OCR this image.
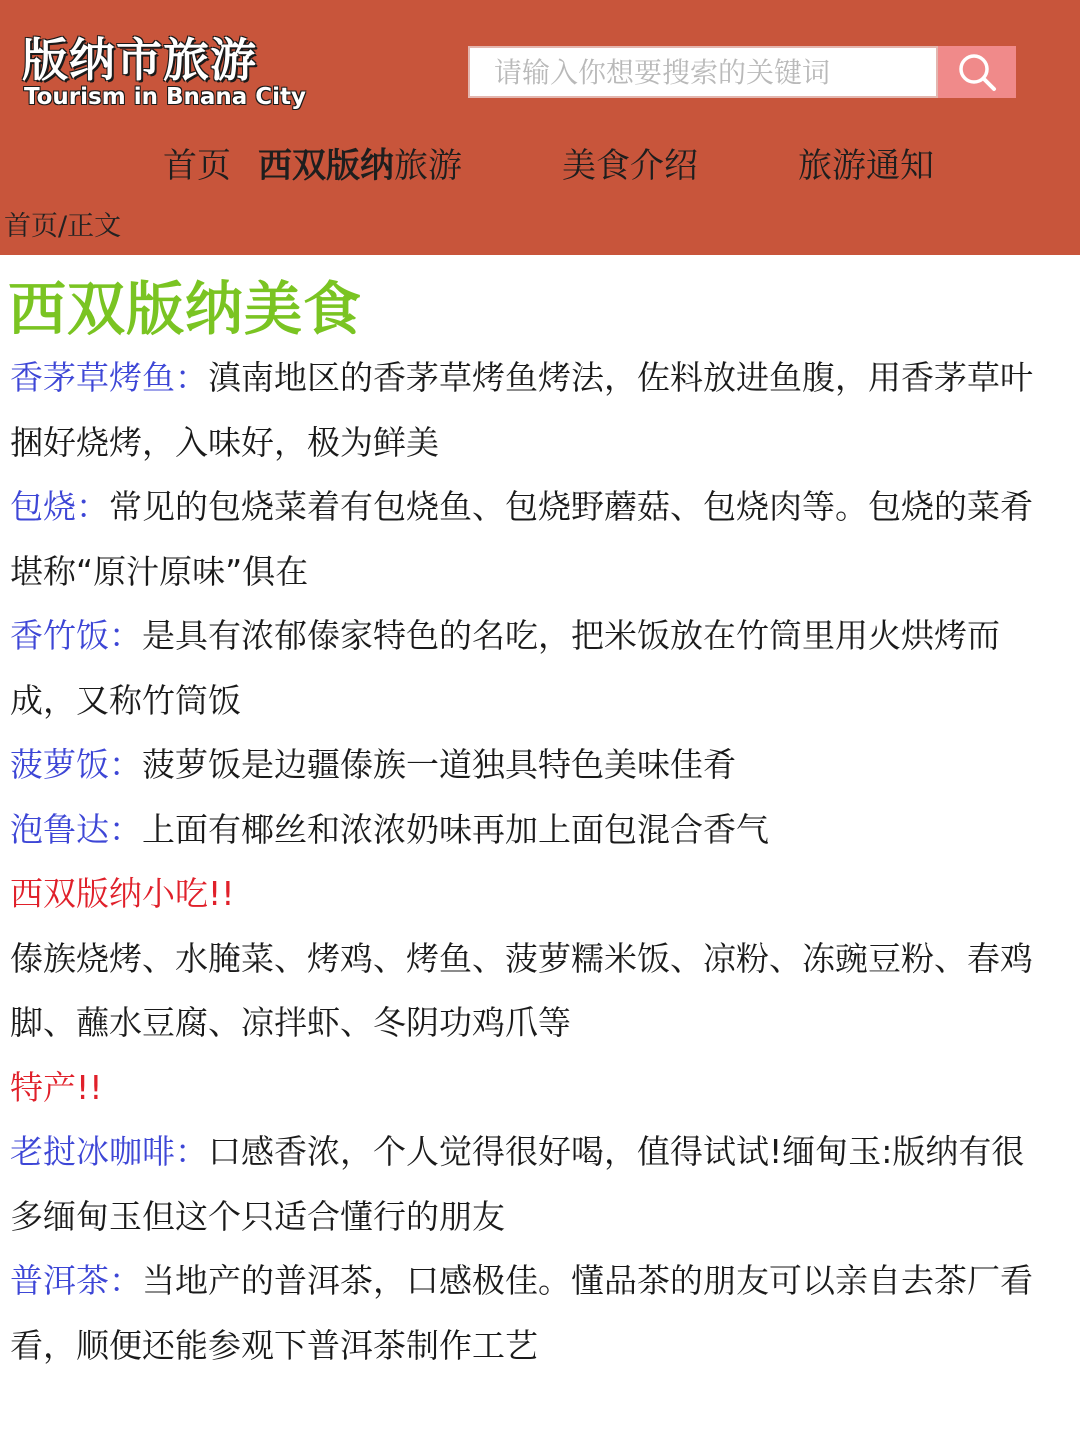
版纳市旅游
Tourism in Bnana City
请输入你想要搜索的关键词
首页 西双版纳旅游	美食介绍	旅游通知
首页/正文
西双版纳美食

香茅草烤鱼：滇南地区的香茅草烤鱼烤法，佐料放进鱼腹，用香茅草叶捆好烧烤，入味好，极为鲜美

包烧：常见的包烧菜着有包烧鱼、包烧野蘑菇、包烧肉等。包烧的菜肴堪称“原汁原味”俱在

香竹饭：是具有浓郁傣家特色的名吃，把米饭放在竹筒里用火烘烤而成，又称竹筒饭

菠萝饭：菠萝饭是边疆傣族一道独具特色美味佳肴

泡鲁达：上面有椰丝和浓浓奶味再加上面包混合香气

西双版纳小吃!!

傣族烧烤、水腌菜、烤鸡、烤鱼、菠萝糯米饭、凉粉、冻豌豆粉、春鸡脚、蘸水豆腐、凉拌虾、冬阴功鸡爪等

特产!!

老挝冰咖啡：口感香浓，个人觉得很好喝，值得试试!缅甸玉:版纳有很多缅甸玉但这个只适合懂行的朋友

普洱茶：当地产的普洱茶，口感极佳。懂品茶的朋友可以亲自去茶厂看看，顺便还能参观下普洱茶制作工艺
